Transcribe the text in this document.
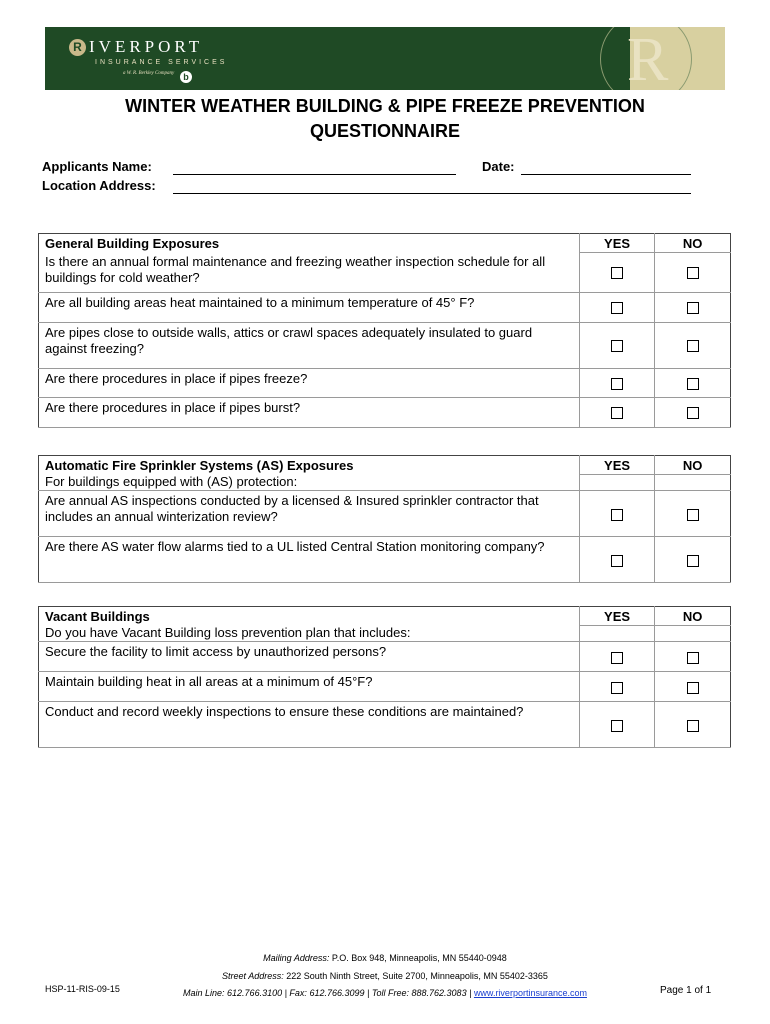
R IVERPORT
INSURANCE SERVICES
a W. R. Berkley Company	b	R
WINTER WEATHER BUILDING & PIPE FREEZE PREVENTION
QUESTIONNAIRE
Applicants Name:	Date:
Location Address:
General Building Exposures	YES	NO
Is there an annual formal maintenance and freezing weather inspection schedule for all buildings for cold weather?		
Are all building areas heat maintained to a minimum temperature of 45° F?		
Are pipes close to outside walls, attics or crawl spaces adequately insulated to guard against freezing?		
Are there procedures in place if pipes freeze?		
Are there procedures in place if pipes burst?		
Automatic Fire Sprinkler Systems (AS) Exposures	YES	NO
For buildings equipped with (AS) protection:		
Are annual AS inspections conducted by a licensed & Insured sprinkler contractor that includes an annual winterization review?		
Are there AS water flow alarms tied to a UL listed Central Station monitoring company?		
Vacant Buildings	YES	NO
Do you have Vacant Building loss prevention plan that includes:		
Secure the facility to limit access by unauthorized persons?		
Maintain building heat in all areas at a minimum of 45°F?		
Conduct and record weekly inspections to ensure these conditions are maintained?		
Mailing Address: P.O. Box 948, Minneapolis, MN 55440-0948
Street Address: 222 South Ninth Street, Suite 2700, Minneapolis, MN 55402-3365
Main Line: 612.766.3100 | Fax: 612.766.3099 | Toll Free: 888.762.3083 | www.riverportinsurance.com
HSP-11-RIS-09-15	Page 1 of 1
